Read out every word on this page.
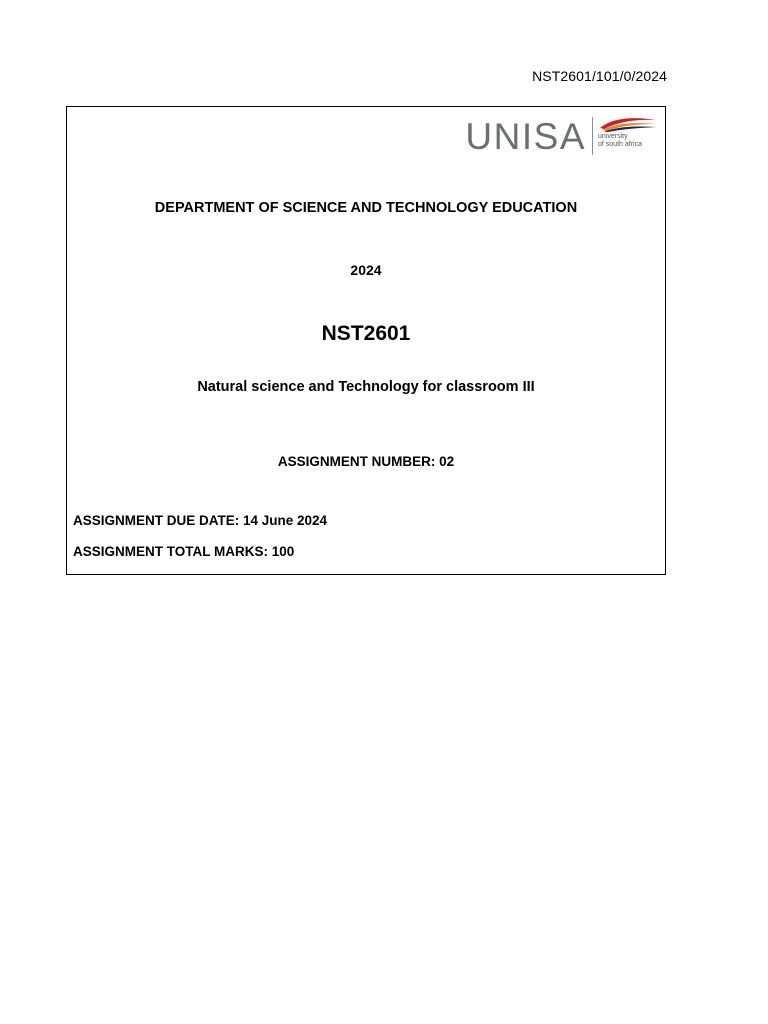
NST2601/101/0/2024
UNISA university
of south africa
DEPARTMENT OF SCIENCE AND TECHNOLOGY EDUCATION
2024
NST2601
Natural science and Technology for classroom III
ASSIGNMENT NUMBER: 02
ASSIGNMENT DUE DATE: 14 June 2024
ASSIGNMENT TOTAL MARKS: 100
